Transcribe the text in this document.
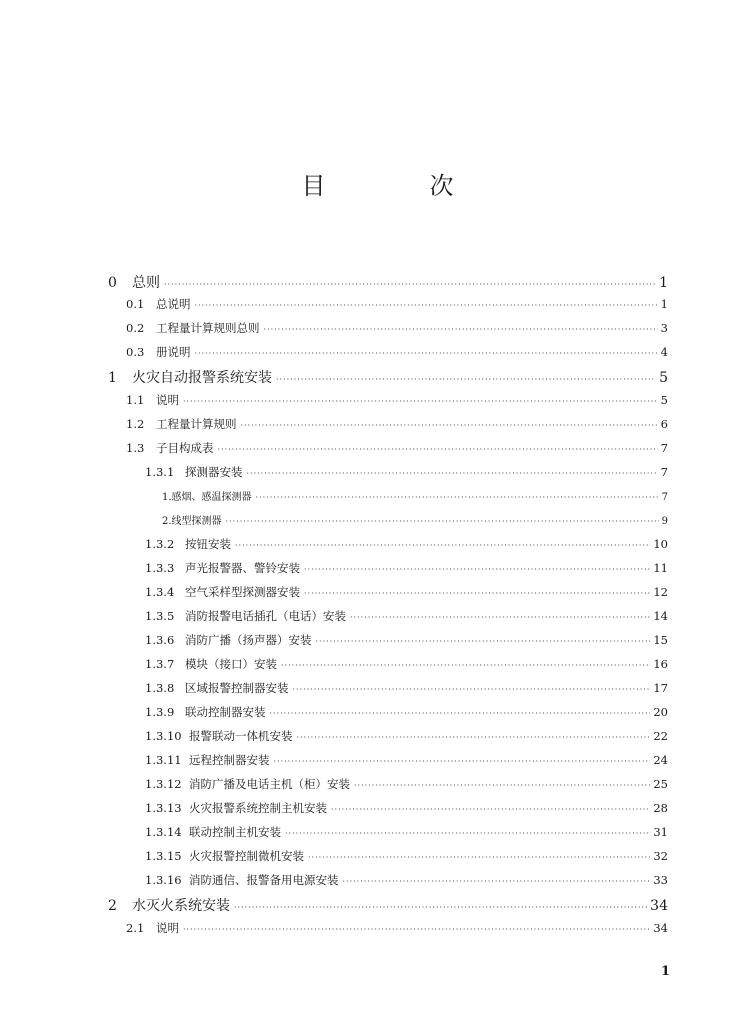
目　次
0	总则 ·····	1
0.1	总说明 ·····	1
0.2	工程量计算规则总则 ·····	3
0.3	册说明 ·····	4
1	火灾自动报警系统安装 ·····	5
1.1	说明 ·····	5
1.2	工程量计算规则 ·····	6
1.3	子目构成表 ·····	7
1.3.1 探测器安装 ·····	7
1.感烟、感温探测器 ·····	7
2.线型探测器 ·····	9
1.3.2 按钮安装 ·····	10
1.3.3 声光报警器、警铃安装 ·····	11
1.3.4 空气采样型探测器安装 ·····	12
1.3.5 消防报警电话插孔（电话）安装 ·····	14
1.3.6 消防广播（扬声器）安装 ·····	15
1.3.7 模块（接口）安装 ·····	16
1.3.8 区域报警控制器安装 ·····	17
1.3.9 联动控制器安装 ·····	20
1.3.10 报警联动一体机安装 ·····	22
1.3.11 远程控制器安装 ·····	24
1.3.12 消防广播及电话主机（柜）安装 ·····	25
1.3.13 火灾报警系统控制主机安装 ·····	28
1.3.14 联动控制主机安装 ·····	31
1.3.15 火灾报警控制微机安装 ·····	32
1.3.16 消防通信、报警备用电源安装 ·····	33
2	水灭火系统安装 ·····	34
2.1	说明 ·····	34
1
